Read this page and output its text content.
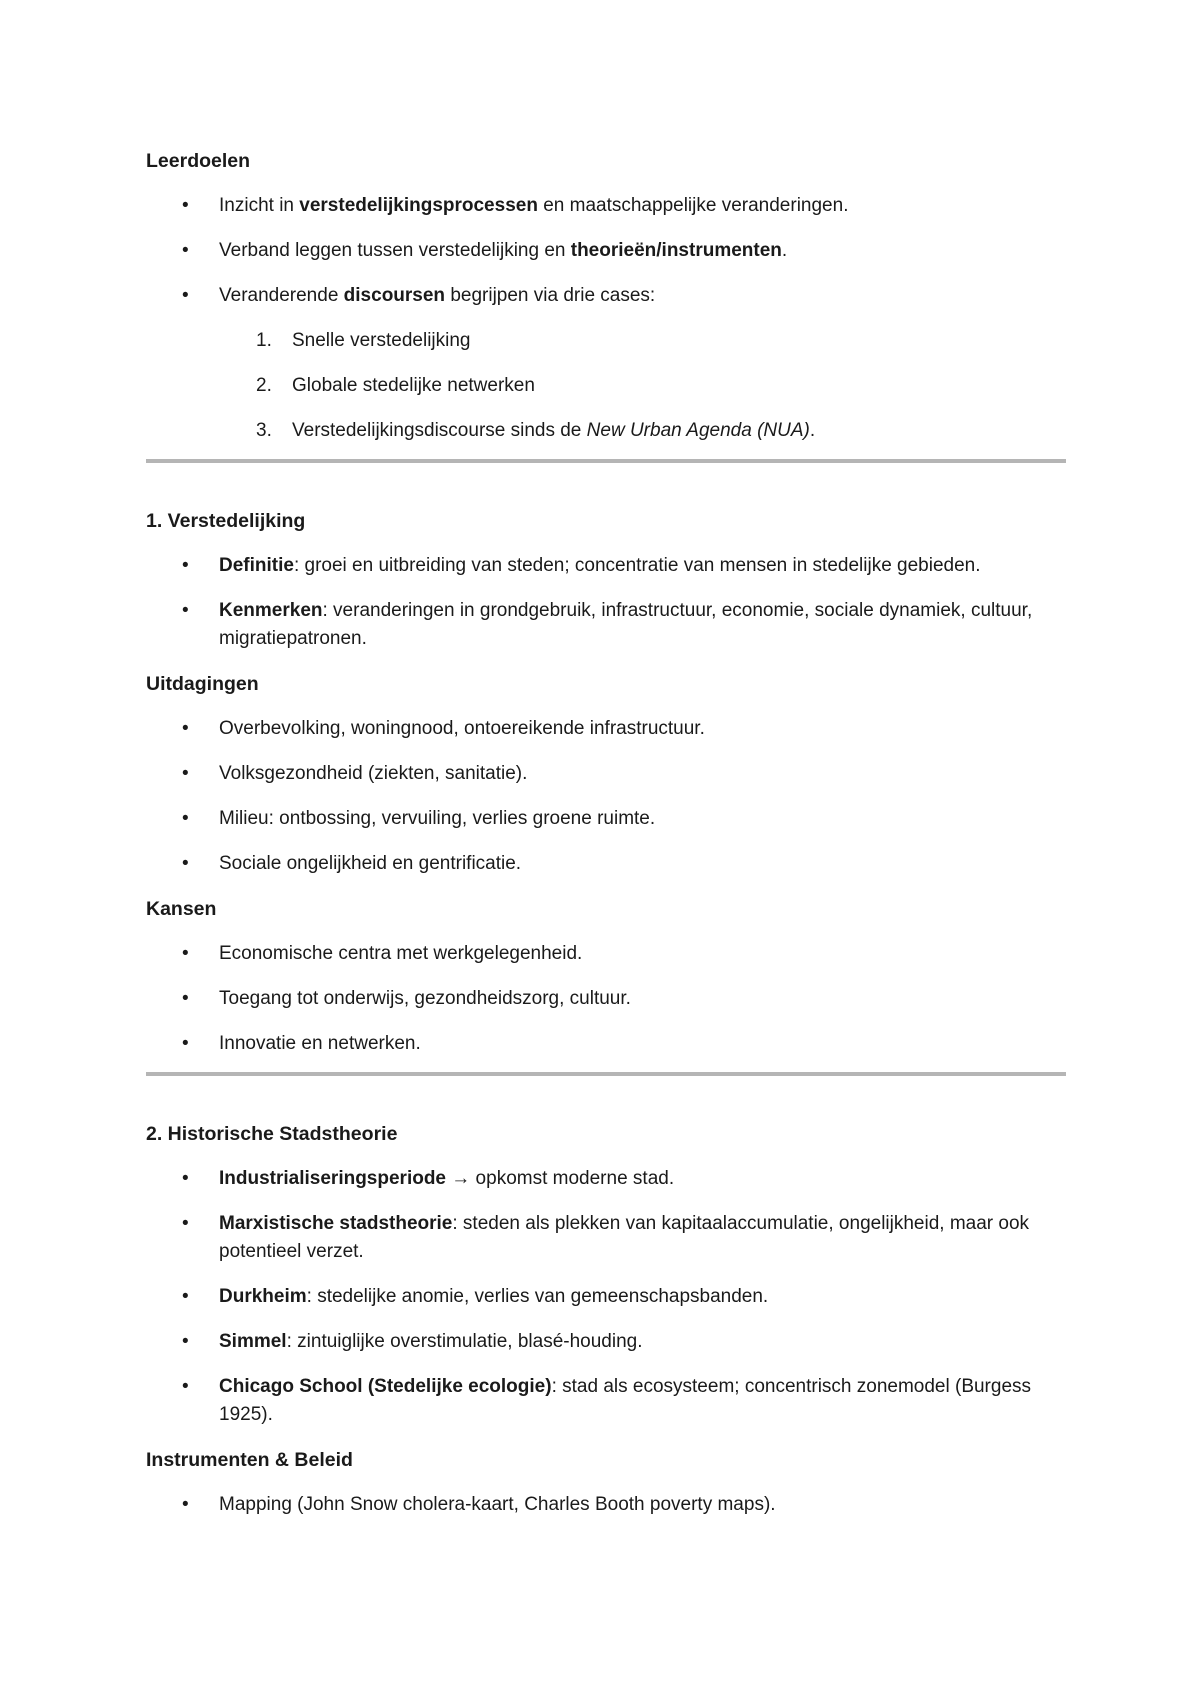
Leerdoelen

• Inzicht in verstedelijkingsprocessen en maatschappelijke veranderingen.
• Verband leggen tussen verstedelijking en theorieën/instrumenten.
• Veranderende discoursen begrijpen via drie cases:
1. Snelle verstedelijking
2. Globale stedelijke netwerken
3. Verstedelijkingsdiscourse sinds de New Urban Agenda (NUA).

1. Verstedelijking

• Definitie: groei en uitbreiding van steden; concentratie van mensen in stedelijke gebieden.
• Kenmerken: veranderingen in grondgebruik, infrastructuur, economie, sociale dynamiek, cultuur, migratiepatronen.

Uitdagingen

• Overbevolking, woningnood, ontoereikende infrastructuur.
• Volksgezondheid (ziekten, sanitatie).
• Milieu: ontbossing, vervuiling, verlies groene ruimte.
• Sociale ongelijkheid en gentrificatie.

Kansen

• Economische centra met werkgelegenheid.
• Toegang tot onderwijs, gezondheidszorg, cultuur.
• Innovatie en netwerken.

2. Historische Stadstheorie

• Industrialiseringsperiode → opkomst moderne stad.
• Marxistische stadstheorie: steden als plekken van kapitaalaccumulatie, ongelijkheid, maar ook potentieel verzet.
• Durkheim: stedelijke anomie, verlies van gemeenschapsbanden.
• Simmel: zintuiglijke overstimulatie, blasé-houding.
• Chicago School (Stedelijke ecologie): stad als ecosysteem; concentrisch zonemodel (Burgess 1925).

Instrumenten & Beleid

• Mapping (John Snow cholera-kaart, Charles Booth poverty maps).
